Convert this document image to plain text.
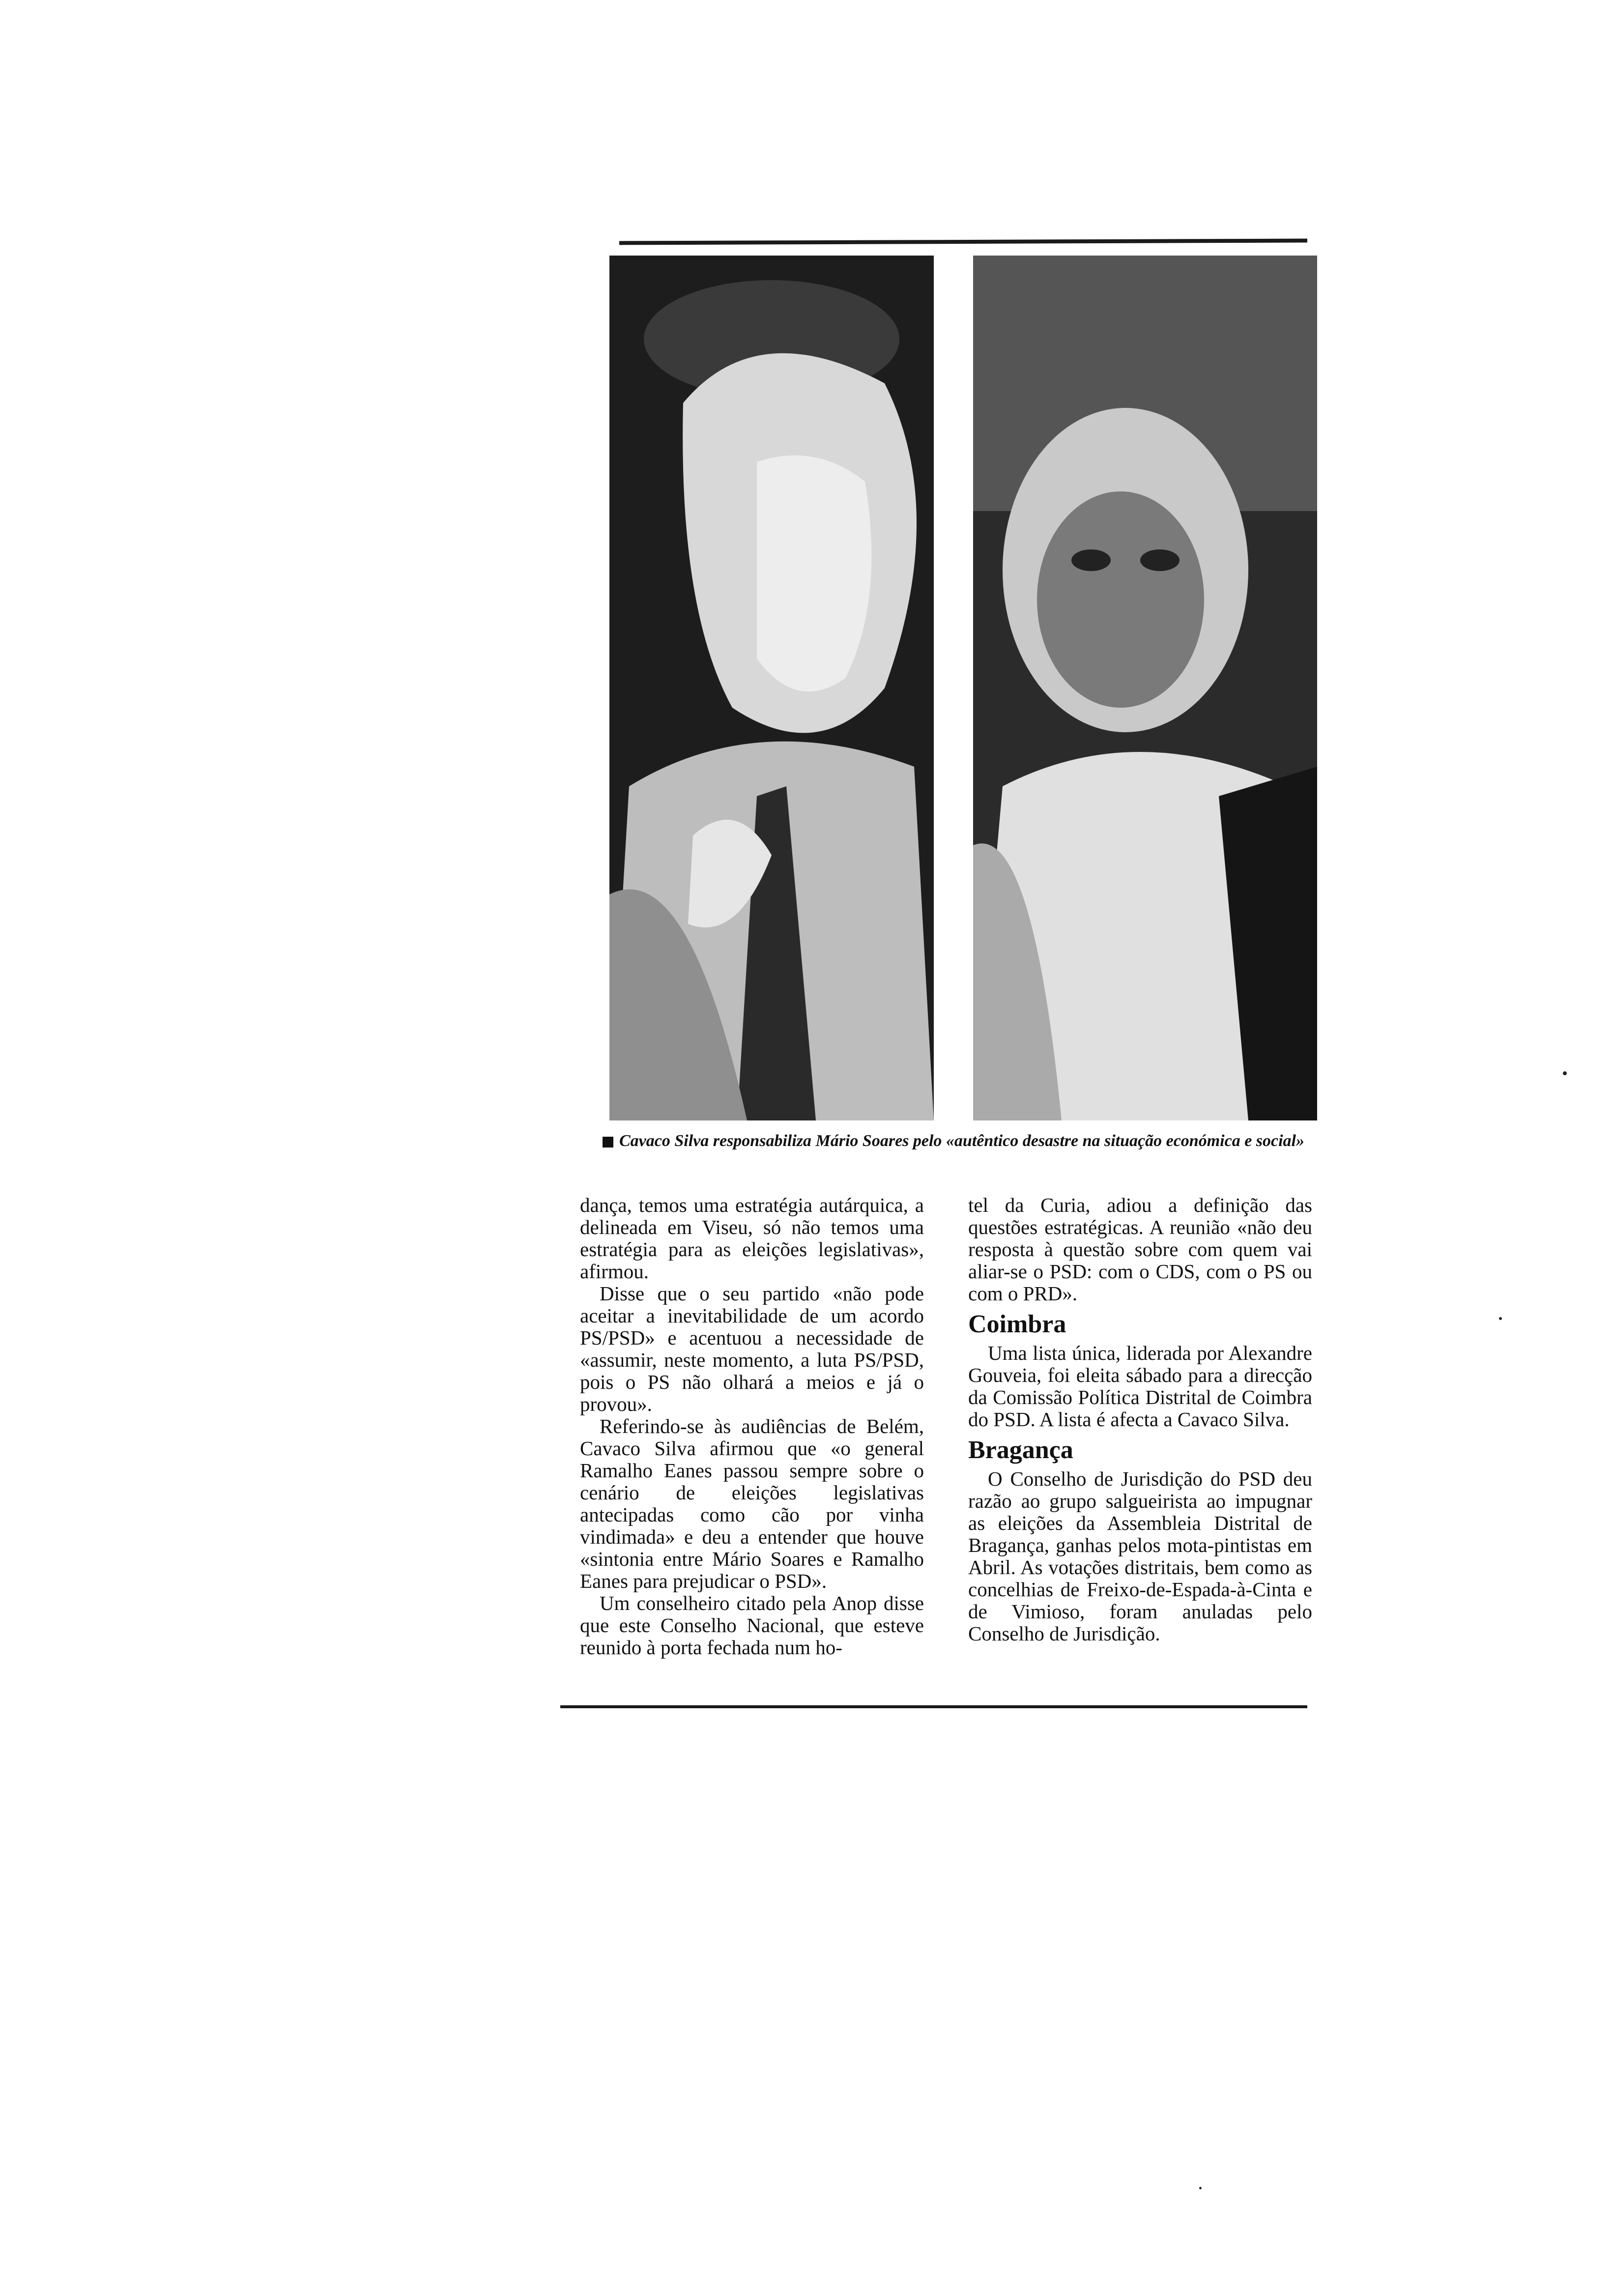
Cavaco Silva responsabiliza Mário Soares pelo «autêntico desastre na situação económica e social»

dança, temos uma estratégia autárquica, a delineada em Viseu, só não temos uma estratégia para as eleições legislativas», afirmou.

Disse que o seu partido «não pode aceitar a inevitabilidade de um acordo PS/PSD» e acentuou a necessidade de «assumir, neste momento, a luta PS/PSD, pois o PS não olhará a meios e já o provou».

Referindo-se às audiências de Belém, Cavaco Silva afirmou que «o general Ramalho Eanes passou sempre sobre o cenário de eleições legislativas antecipadas como cão por vinha vindimada» e deu a entender que houve «sintonia entre Mário Soares e Ramalho Eanes para prejudicar o PSD».

Um conselheiro citado pela Anop disse que este Conselho Nacional, que esteve reunido à porta fechada num ho-

tel da Curia, adiou a definição das questões estratégicas. A reunião «não deu resposta à questão sobre com quem vai aliar-se o PSD: com o CDS, com o PS ou com o PRD».

Coimbra

Uma lista única, liderada por Alexandre Gouveia, foi eleita sábado para a direcção da Comissão Política Distrital de Coimbra do PSD. A lista é afecta a Cavaco Silva.

Bragança

O Conselho de Jurisdição do PSD deu razão ao grupo salgueirista ao impugnar as eleições da Assembleia Distrital de Bragança, ganhas pelos mota-pintistas em Abril. As votações distritais, bem como as concelhias de Freixo-de-Espada-à-Cinta e de Vimioso, foram anuladas pelo Conselho de Jurisdição.
